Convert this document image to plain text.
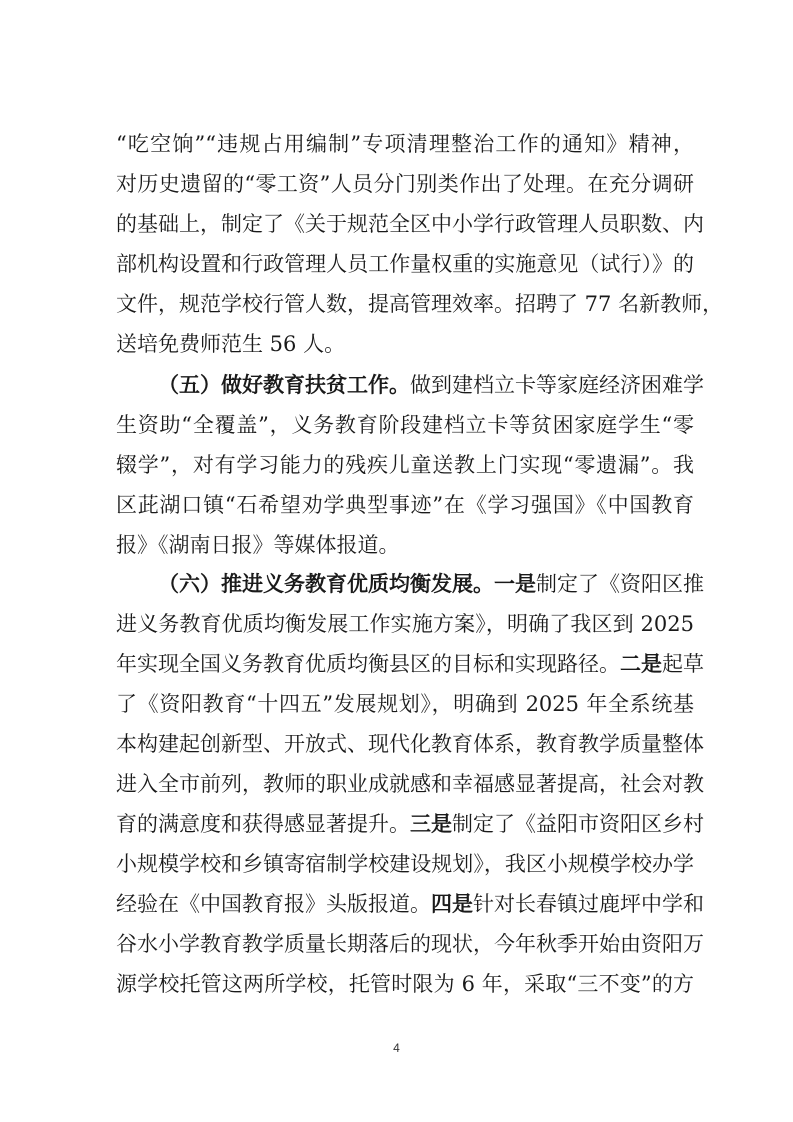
“吃空饷”“违规占用编制”专项清理整治工作的通知》精神，
对历史遗留的“零工资”人员分门别类作出了处理。在充分调研
的基础上，制定了《关于规范全区中小学行政管理人员职数、内
部机构设置和行政管理人员工作量权重的实施意见（试行）》的
文件，规范学校行管人数，提高管理效率。招聘了 77 名新教师，
送培免费师范生 56 人。
（五）做好教育扶贫工作。做到建档立卡等家庭经济困难学
生资助“全覆盖”，义务教育阶段建档立卡等贫困家庭学生“零
辍学”，对有学习能力的残疾儿童送教上门实现“零遗漏”。我
区茈湖口镇“石希望劝学典型事迹”在《学习强国》《中国教育
报》《湖南日报》等媒体报道。
（六）推进义务教育优质均衡发展。一是制定了《资阳区推
进义务教育优质均衡发展工作实施方案》，明确了我区到 2025
年实现全国义务教育优质均衡县区的目标和实现路径。二是起草
了《资阳教育“十四五”发展规划》，明确到 2025 年全系统基
本构建起创新型、开放式、现代化教育体系，教育教学质量整体
进入全市前列，教师的职业成就感和幸福感显著提高，社会对教
育的满意度和获得感显著提升。三是制定了《益阳市资阳区乡村
小规模学校和乡镇寄宿制学校建设规划》，我区小规模学校办学
经验在《中国教育报》头版报道。四是针对长春镇过鹿坪中学和
谷水小学教育教学质量长期落后的现状，今年秋季开始由资阳万
源学校托管这两所学校，托管时限为 6 年，采取“三不变”的方
4
